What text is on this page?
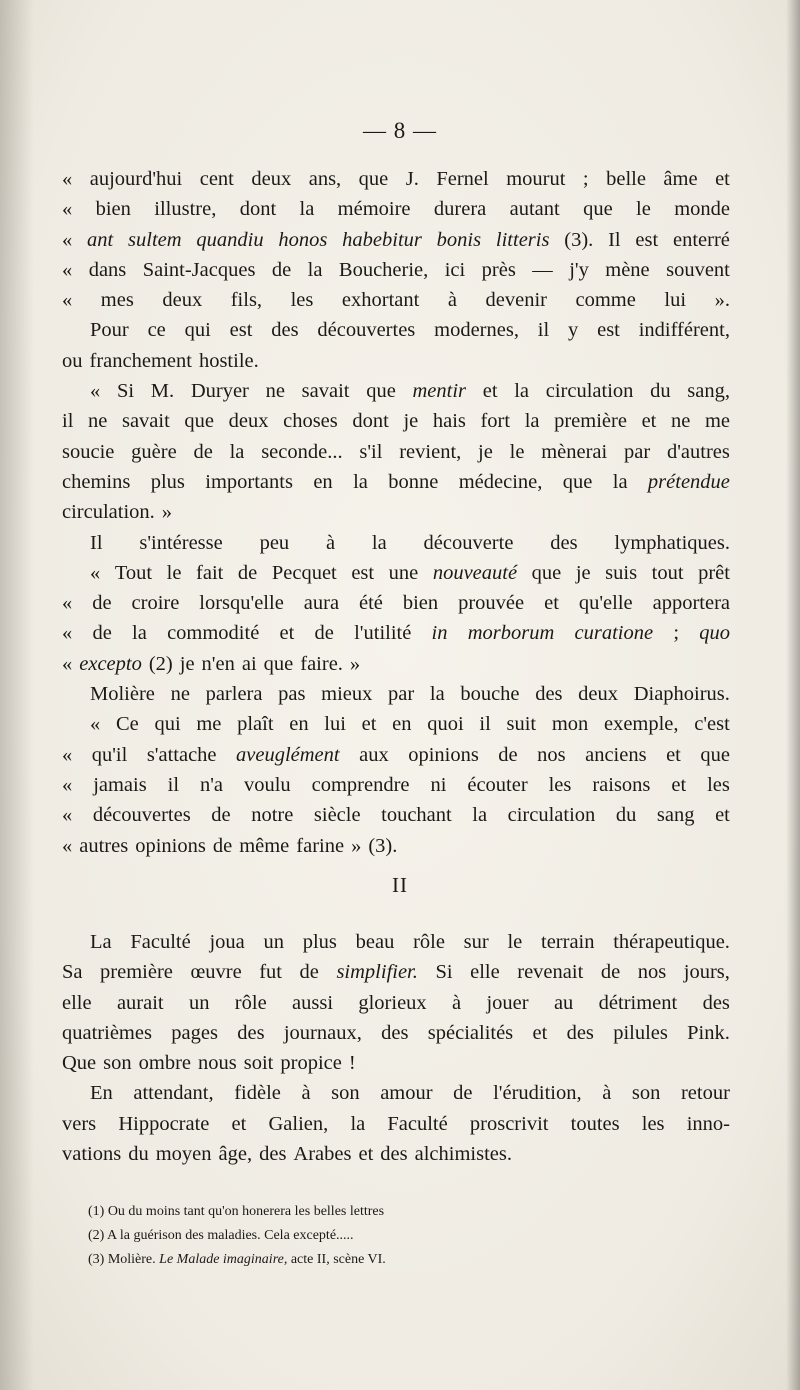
— 8 —
« aujourd'hui cent deux ans, que J. Fernel mourut ; belle âme et
« bien illustre, dont la mémoire durera autant que le monde
« ant sultem quandiu honos habebitur bonis litteris (3). Il est enterré
« dans Saint-Jacques de la Boucherie, ici près — j'y mène souvent
« mes deux fils, les exhortant à devenir comme lui ».
Pour ce qui est des découvertes modernes, il y est indifférent,
ou franchement hostile.
« Si M. Duryer ne savait que mentir et la circulation du sang,
il ne savait que deux choses dont je hais fort la première et ne me
soucie guère de la seconde... s'il revient, je le mènerai par d'autres
chemins plus importants en la bonne médecine, que la prétendue
circulation. »
Il s'intéresse peu à la découverte des lymphatiques.
« Tout le fait de Pecquet est une nouveauté que je suis tout prêt
« de croire lorsqu'elle aura été bien prouvée et qu'elle apportera
« de la commodité et de l'utilité in morborum curatione ; quo
« excepto (2) je n'en ai que faire. »
Molière ne parlera pas mieux par la bouche des deux Diaphoirus.
« Ce qui me plaît en lui et en quoi il suit mon exemple, c'est
« qu'il s'attache aveuglément aux opinions de nos anciens et que
« jamais il n'a voulu comprendre ni écouter les raisons et les
« découvertes de notre siècle touchant la circulation du sang et
« autres opinions de même farine » (3).
II
La Faculté joua un plus beau rôle sur le terrain thérapeutique.
Sa première œuvre fut de simplifier. Si elle revenait de nos jours,
elle aurait un rôle aussi glorieux à jouer au détriment des
quatrièmes pages des journaux, des spécialités et des pilules Pink.
Que son ombre nous soit propice !
En attendant, fidèle à son amour de l'érudition, à son retour
vers Hippocrate et Galien, la Faculté proscrivit toutes les inno-
vations du moyen âge, des Arabes et des alchimistes.
(1) Ou du moins tant qu'on honerera les belles lettres
(2) A la guérison des maladies. Cela excepté.....
(3) Molière. Le Malade imaginaire, acte II, scène VI.
